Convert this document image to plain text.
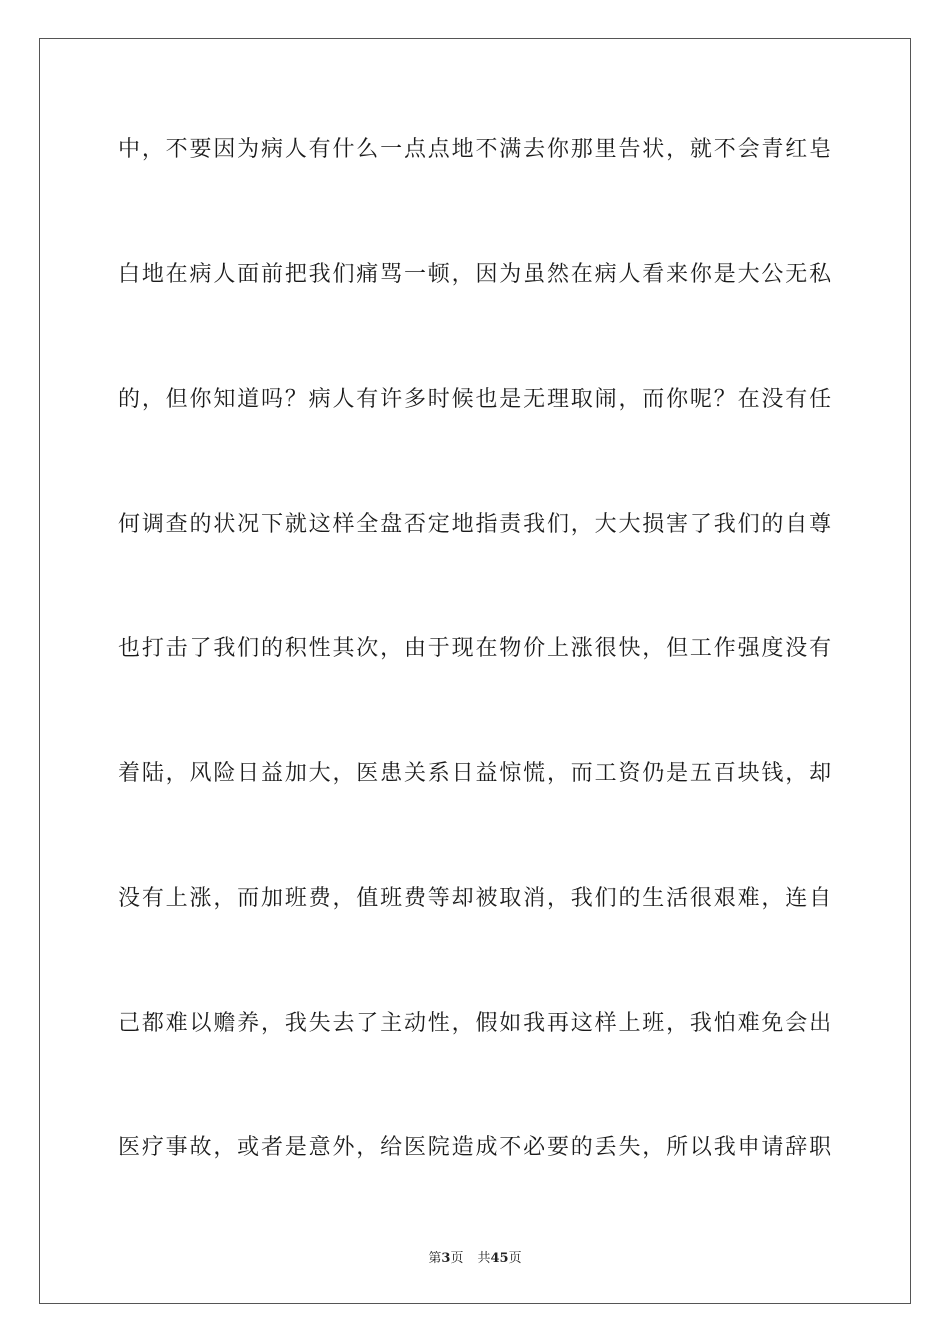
中，不要因为病人有什么一点点地不满去你那里告状，就不会青红皂
白地在病人面前把我们痛骂一顿，因为虽然在病人看来你是大公无私
的，但你知道吗？病人有许多时候也是无理取闹，而你呢？在没有任
何调查的状况下就这样全盘否定地指责我们，大大损害了我们的自尊
也打击了我们的积性其次，由于现在物价上涨很快，但工作强度没有
着陆，风险日益加大，医患关系日益惊慌，而工资仍是五百块钱，却
没有上涨，而加班费，值班费等却被取消，我们的生活很艰难，连自
己都难以赡养，我失去了主动性，假如我再这样上班，我怕难免会出
医疗事故，或者是意外，给医院造成不必要的丢失，所以我申请辞职
第3页 共45页
